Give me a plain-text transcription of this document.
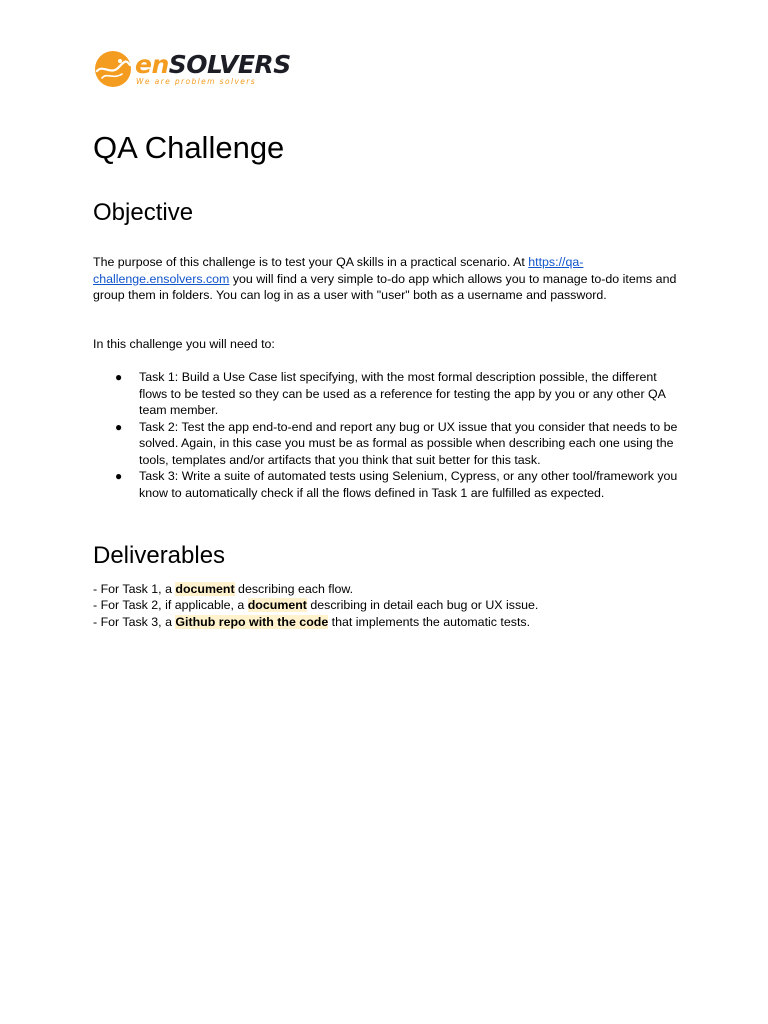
enSOLVERS
We are problem solvers
QA Challenge
Objective

The purpose of this challenge is to test your QA skills in a practical scenario. At https://qa-challenge.ensolvers.com you will find a very simple to-do app which allows you to manage to-do items and group them in folders. You can log in as a user with "user" both as a username and password.

In this challenge you will need to:

● Task 1: Build a Use Case list specifying, with the most formal description possible, the different flows to be tested so they can be used as a reference for testing the app by you or any other QA team member.
● Task 2: Test the app end-to-end and report any bug or UX issue that you consider that needs to be solved. Again, in this case you must be as formal as possible when describing each one using the tools, templates and/or artifacts that you think that suit better for this task.
● Task 3: Write a suite of automated tests using Selenium, Cypress, or any other tool/framework you know to automatically check if all the flows defined in Task 1 are fulfilled as expected.
Deliverables
- For Task 1, a document describing each flow.
- For Task 2, if applicable, a document describing in detail each bug or UX issue.
- For Task 3, a Github repo with the code that implements the automatic tests.
